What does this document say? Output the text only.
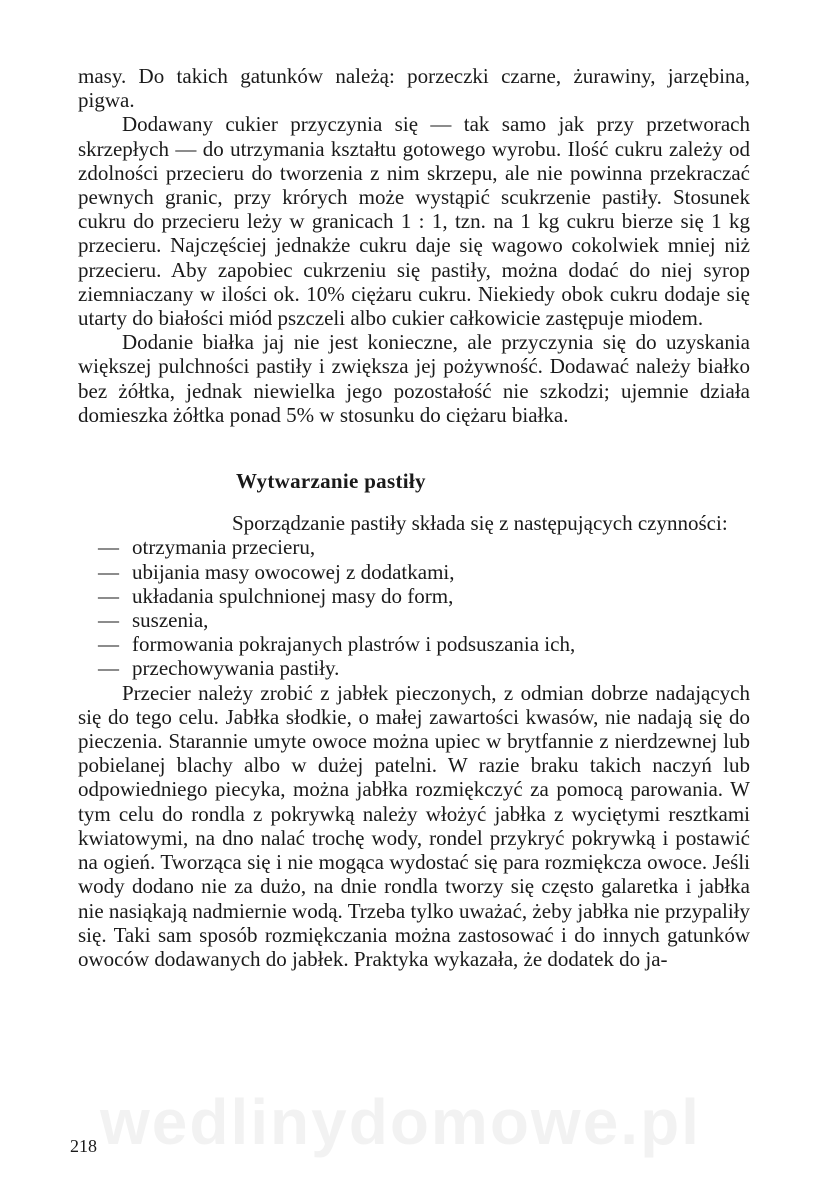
masy. Do takich gatunków należą: porzeczki czarne, żurawiny, jarzębina, pigwa.

Dodawany cukier przyczynia się — tak samo jak przy przetworach skrzepłych — do utrzymania kształtu gotowego wyrobu. Ilość cukru zależy od zdolności przecieru do tworzenia z nim skrzepu, ale nie powinna przekraczać pewnych granic, przy krórych może wystąpić scukrzenie pastiły. Stosunek cukru do przecieru leży w granicach 1 : 1, tzn. na 1 kg cukru bierze się 1 kg przecieru. Najczęściej jednakże cukru daje się wagowo cokolwiek mniej niż przecieru. Aby zapobiec cukrzeniu się pastiły, można dodać do niej syrop ziemniaczany w ilości ok. 10% ciężaru cukru. Niekiedy obok cukru dodaje się utarty do białości miód pszczeli albo cukier całkowicie zastępuje miodem.

Dodanie białka jaj nie jest konieczne, ale przyczynia się do uzyskania większej pulchności pastiły i zwiększa jej pożywność. Dodawać należy białko bez żółtka, jednak niewielka jego pozostałość nie szkodzi; ujemnie działa domieszka żółtka ponad 5% w stosunku do ciężaru białka.

Wytwarzanie pastiły

Sporządzanie pastiły składa się z następujących czynności:

— otrzymania przecieru,
— ubijania masy owocowej z dodatkami,
— układania spulchnionej masy do form,
— suszenia,
— formowania pokrajanych plastrów i podsuszania ich,
— przechowywania pastiły.

Przecier należy zrobić z jabłek pieczonych, z odmian dobrze nadających się do tego celu. Jabłka słodkie, o małej zawartości kwasów, nie nadają się do pieczenia. Starannie umyte owoce można upiec w brytfannie z nierdzewnej lub pobielanej blachy albo w dużej patelni. W razie braku takich naczyń lub odpowiedniego piecyka, można jabłka rozmiękczyć za pomocą parowania. W tym celu do rondla z pokrywką należy włożyć jabłka z wyciętymi resztkami kwiatowymi, na dno nalać trochę wody, rondel przykryć pokrywką i postawić na ogień. Tworząca się i nie mogąca wydostać się para rozmiękcza owoce. Jeśli wody dodano nie za dużo, na dnie rondla tworzy się często galaretka i jabłka nie nasiąkają nadmiernie wodą. Trzeba tylko uważać, żeby jabłka nie przypaliły się. Taki sam sposób rozmiękczania można zastosować i do innych gatunków owoców dodawanych do jabłek. Praktyka wykazała, że dodatek do ja-

wedlinydomowe.pl
218
